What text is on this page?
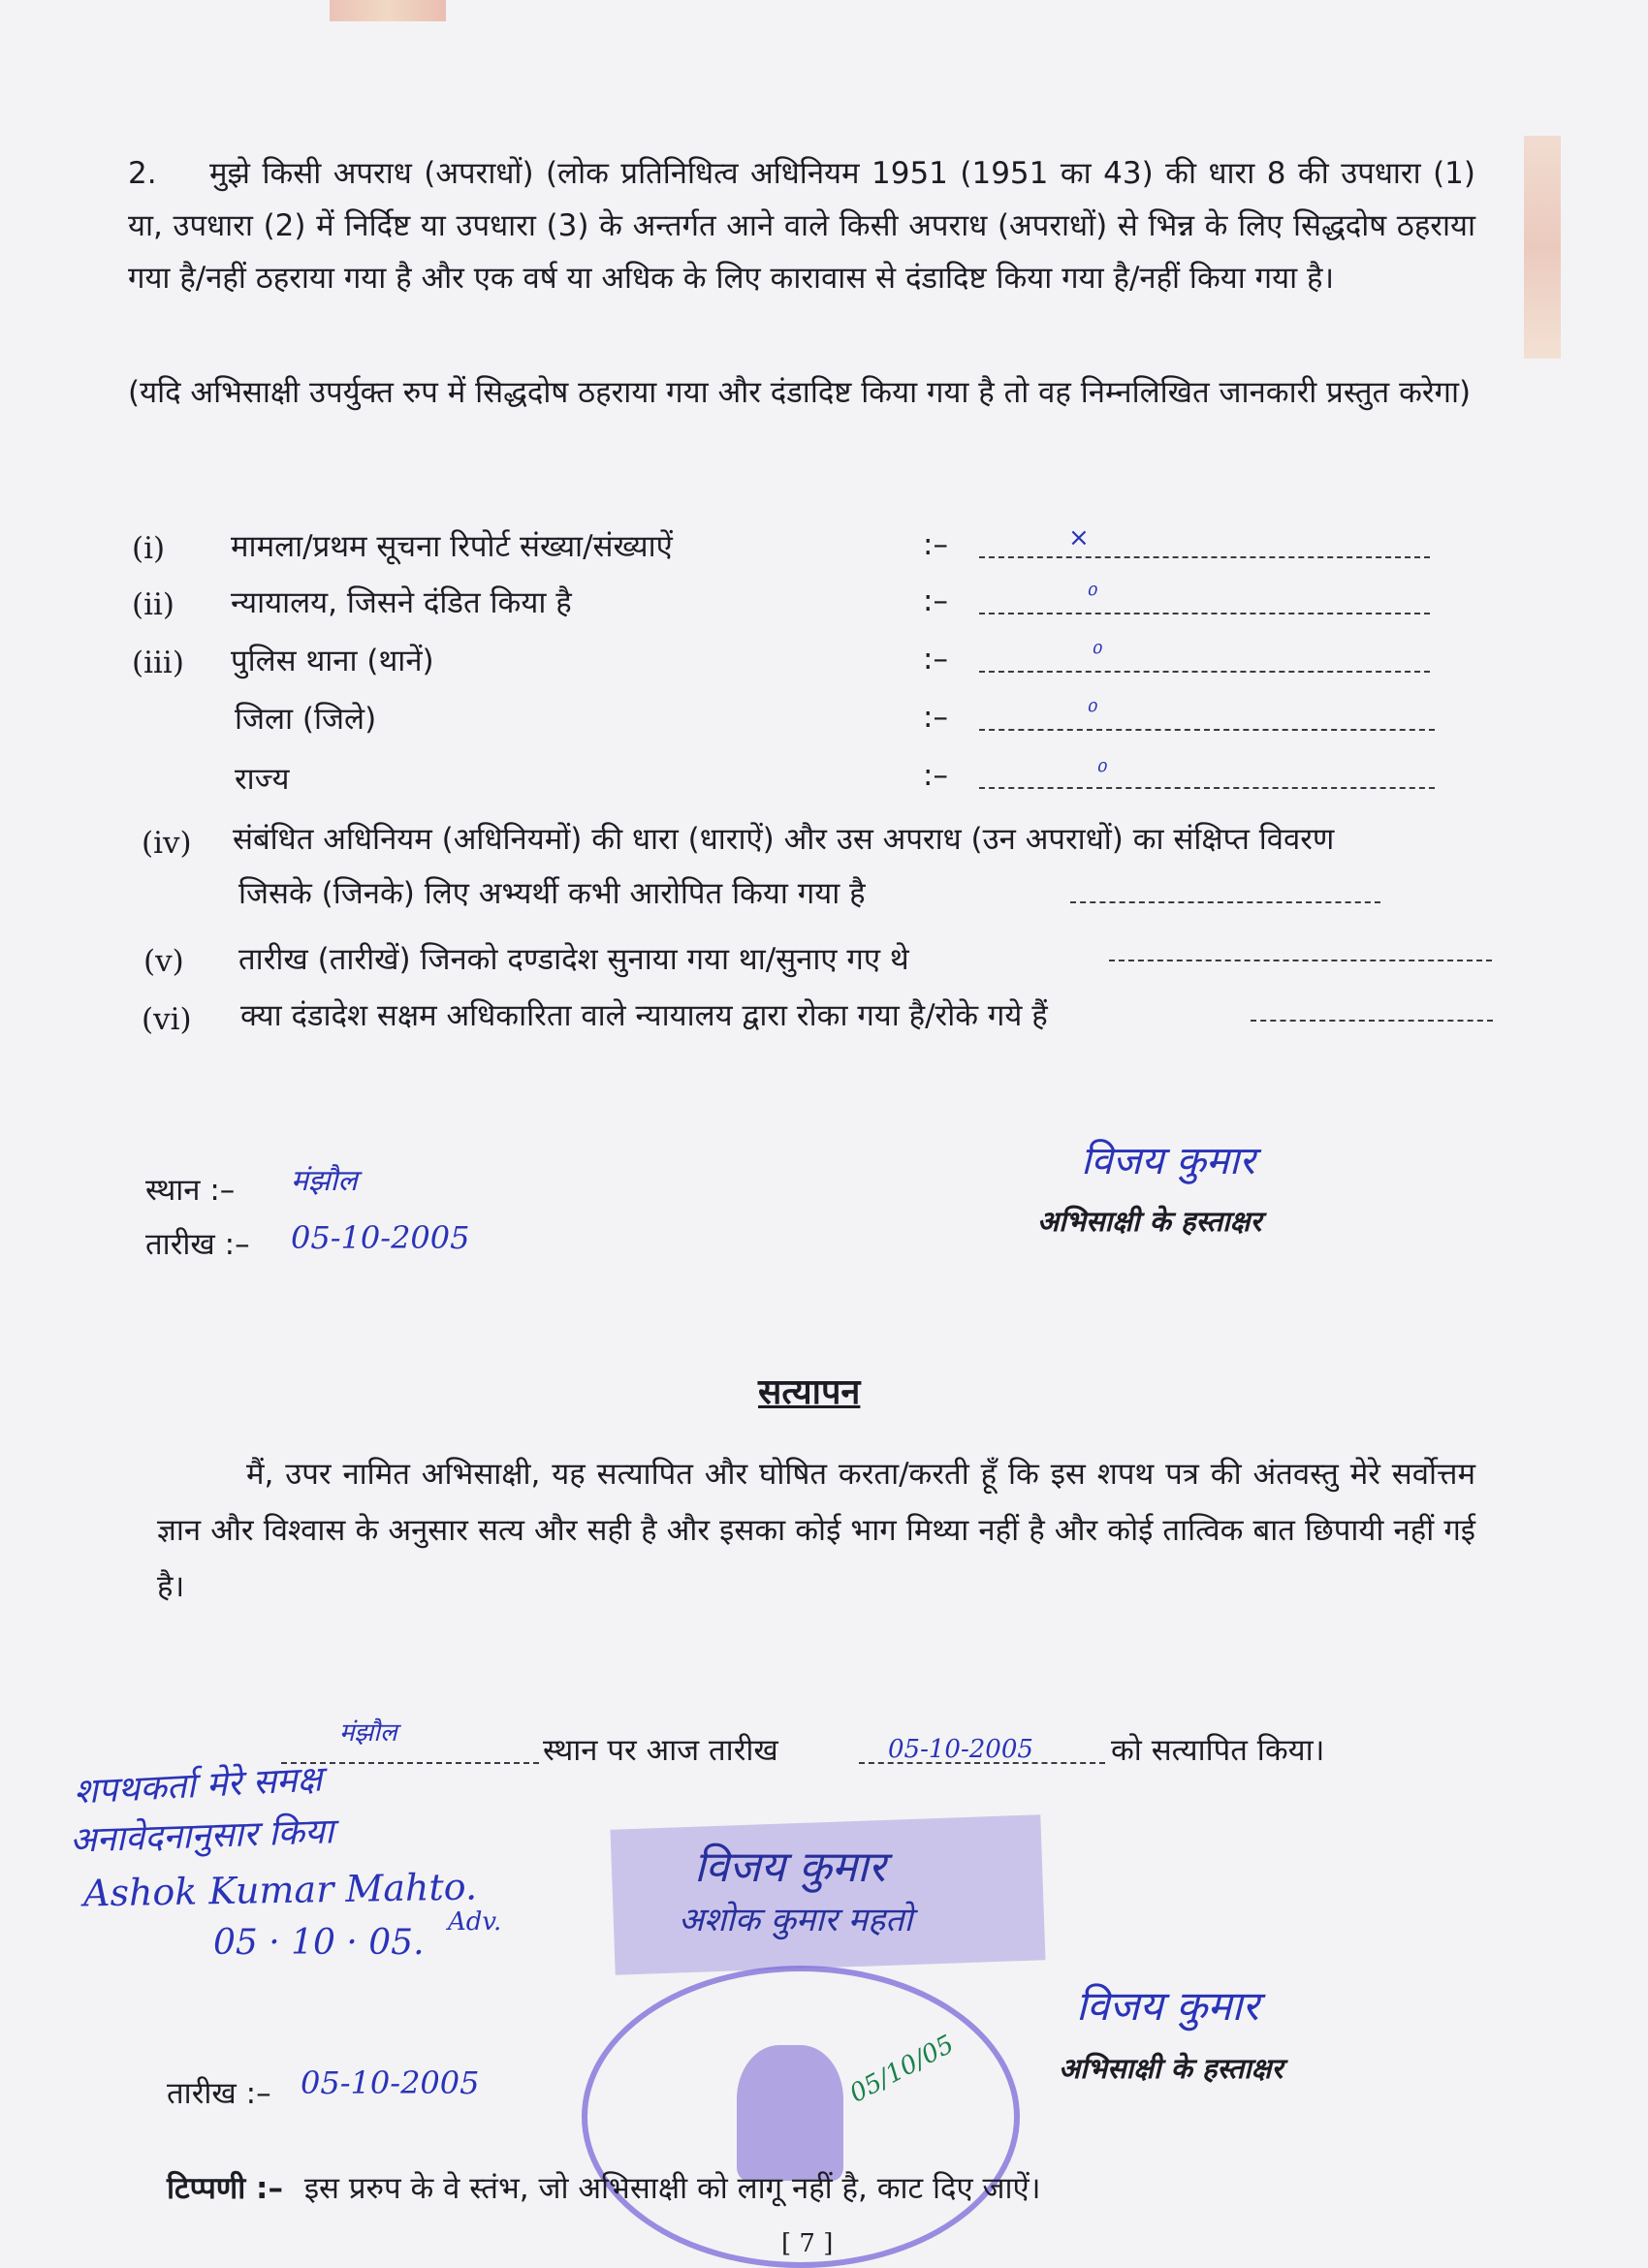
2. मुझे किसी अपराध (अपराधों) (लोक प्रतिनिधित्व अधिनियम 1951 (1951 का 43) की धारा 8 की उपधारा (1) या, उपधारा (2) में निर्दिष्ट या उपधारा (3) के अन्तर्गत आने वाले किसी अपराध (अपराधों) से भिन्न के लिए सिद्धदोष ठहराया गया है/नहीं ठहराया गया है और एक वर्ष या अधिक के लिए कारावास से दंडादिष्ट किया गया है/नहीं किया गया है।
(यदि अभिसाक्षी उपर्युक्त रुप में सिद्धदोष ठहराया गया और दंडादिष्ट किया गया है तो वह निम्नलिखित जानकारी प्रस्तुत करेगा)
(i) मामला/प्रथम सूचना रिपोर्ट संख्या/संख्याऐं	:–	×
(ii) न्यायालय, जिसने दंडित किया है	:–	⁰
(iii) पुलिस थाना (थानें)	:–	⁰
जिला (जिले)	:–	⁰
राज्य	:–	⁰
(iv) संबंधित अधिनियम (अधिनियमों) की धारा (धाराऐं) और उस अपराध (उन अपराधों) का संक्षिप्त विवरण
जिसके (जिनके) लिए अभ्यर्थी कभी आरोपित किया गया है
(v) तारीख (तारीखें) जिनको दण्डादेश सुनाया गया था/सुनाए गए थे
(vi) क्या दंडादेश सक्षम अधिकारिता वाले न्यायालय द्वारा रोका गया है/रोके गये हैं
स्थान :– मंझौल
तारीख :– 05-10-2005
विजय कुमार
अभिसाक्षी के हस्ताक्षर
सत्यापन
मैं, उपर नामित अभिसाक्षी, यह सत्यापित और घोषित करता/करती हूँ कि इस शपथ पत्र की अंतवस्तु मेरे सर्वोत्तम ज्ञान और विश्वास के अनुसार सत्य और सही है और इसका कोई भाग मिथ्या नहीं है और कोई तात्विक बात छिपायी नहीं गई है।
मंझौल	स्थान पर आज तारीख	05-10-2005	को सत्यापित किया।
शपथकर्ता मेरे समक्ष
अनावेदनानुसार किया
Ashok Kumar Mahto.
05 · 10 · 05.
Adv.
विजय कुमार
अशोक कुमार महतो
05/10/05
तारीख :– 05-10-2005
विजय कुमार
अभिसाक्षी के हस्ताक्षर
टिप्पणी :– इस प्ररुप के वे स्तंभ, जो अभिसाक्षी को लागू नहीं है, काट दिए जाऐं।
[ 7 ]
